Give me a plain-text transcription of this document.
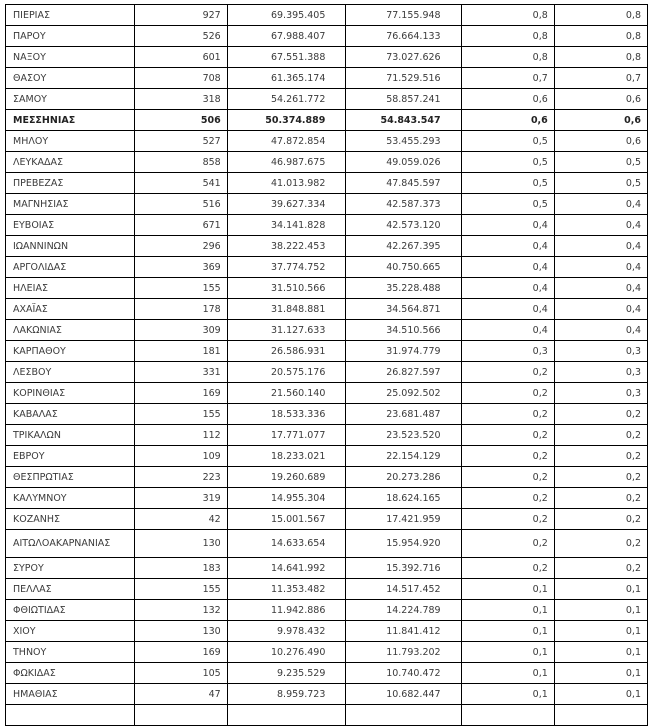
ΠΙΕΡΙΑΣ	927	69.395.405	77.155.948	0,8	0,8
ΠΑΡΟΥ	526	67.988.407	76.664.133	0,8	0,8
ΝΑΞΟΥ	601	67.551.388	73.027.626	0,8	0,8
ΘΑΣΟΥ	708	61.365.174	71.529.516	0,7	0,7
ΣΑΜΟΥ	318	54.261.772	58.857.241	0,6	0,6
ΜΕΣΣΗΝΙΑΣ	506	50.374.889	54.843.547	0,6	0,6
ΜΗΛΟΥ	527	47.872.854	53.455.293	0,5	0,6
ΛΕΥΚΑΔΑΣ	858	46.987.675	49.059.026	0,5	0,5
ΠΡΕΒΕΖΑΣ	541	41.013.982	47.845.597	0,5	0,5
ΜΑΓΝΗΣΙΑΣ	516	39.627.334	42.587.373	0,5	0,4
ΕΥΒΟΙΑΣ	671	34.141.828	42.573.120	0,4	0,4
ΙΩΑΝΝΙΝΩΝ	296	38.222.453	42.267.395	0,4	0,4
ΑΡΓΟΛΙΔΑΣ	369	37.774.752	40.750.665	0,4	0,4
ΗΛΕΙΑΣ	155	31.510.566	35.228.488	0,4	0,4
ΑΧΑΪΑΣ	178	31.848.881	34.564.871	0,4	0,4
ΛΑΚΩΝΙΑΣ	309	31.127.633	34.510.566	0,4	0,4
ΚΑΡΠΑΘΟΥ	181	26.586.931	31.974.779	0,3	0,3
ΛΕΣΒΟΥ	331	20.575.176	26.827.597	0,2	0,3
ΚΟΡΙΝΘΙΑΣ	169	21.560.140	25.092.502	0,2	0,3
ΚΑΒΑΛΑΣ	155	18.533.336	23.681.487	0,2	0,2
ΤΡΙΚΑΛΩΝ	112	17.771.077	23.523.520	0,2	0,2
ΕΒΡΟΥ	109	18.233.021	22.154.129	0,2	0,2
ΘΕΣΠΡΩΤΙΑΣ	223	19.260.689	20.273.286	0,2	0,2
ΚΑΛΥΜΝΟΥ	319	14.955.304	18.624.165	0,2	0,2
ΚΟΖΑΝΗΣ	42	15.001.567	17.421.959	0,2	0,2
ΑΙΤΩΛΟΑΚΑΡΝΑΝΙΑΣ	130	14.633.654	15.954.920	0,2	0,2
ΣΥΡΟΥ	183	14.641.992	15.392.716	0,2	0,2
ΠΕΛΛΑΣ	155	11.353.482	14.517.452	0,1	0,1
ΦΘΙΩΤΙΔΑΣ	132	11.942.886	14.224.789	0,1	0,1
ΧΙΟΥ	130	9.978.432	11.841.412	0,1	0,1
ΤΗΝΟΥ	169	10.276.490	11.793.202	0,1	0,1
ΦΩΚΙΔΑΣ	105	9.235.529	10.740.472	0,1	0,1
ΗΜΑΘΙΑΣ	47	8.959.723	10.682.447	0,1	0,1
